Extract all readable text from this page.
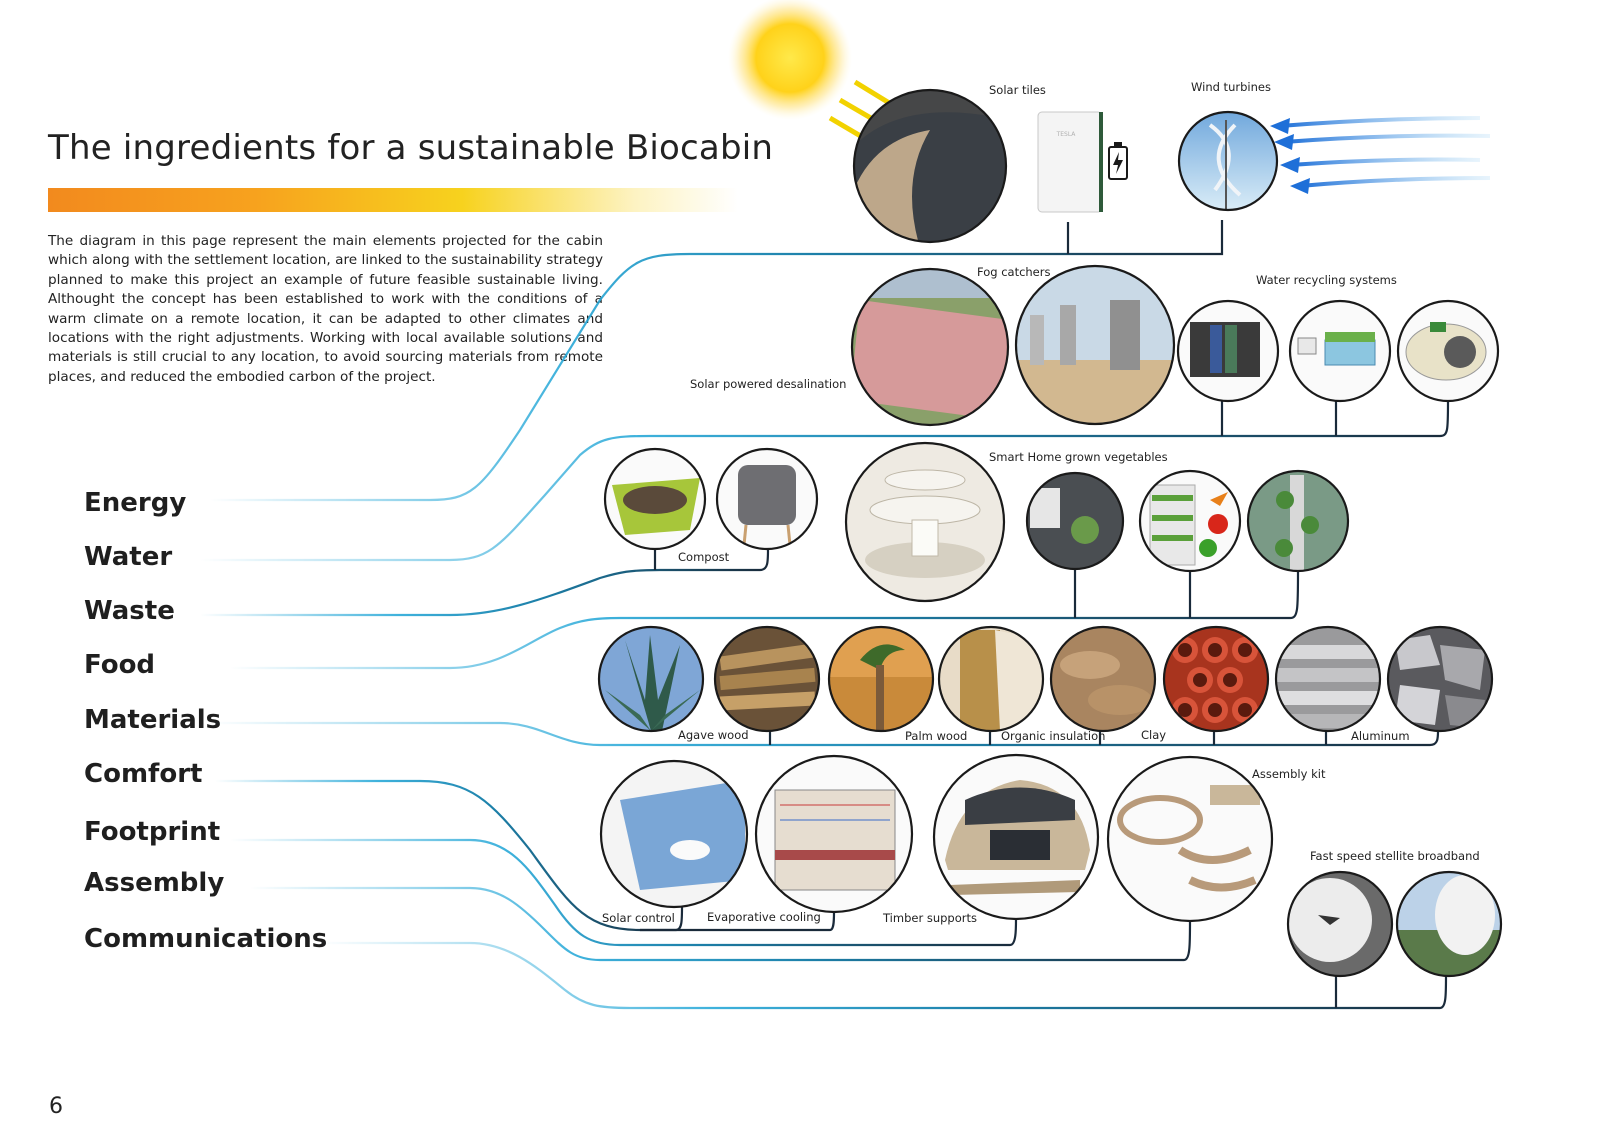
The ingredients for a sustainable Biocabin
The diagram in this page represent the main elements projected for the cabin which along with the settlement location, are linked to the sustainability strategy planned to make this project an example of future feasible sustainable living. Althought the concept has been established to work with the conditions of a warm climate on a remote location, it can be adapted to other climates and locations with the right adjustments. Working with local available solutions and materials is still crucial to any location, to avoid sourcing materials from remote places, and reduced the embodied carbon of the project.
Energy
Water
Waste
Food
Materials
Comfort
Footprint
Assembly
Communications
TESLA
Solar tiles	Wind turbines
Fog catchers
Water recycling systems
Solar powered desalination
Smart Home grown vegetables
Compost
Agave wood	Palm wood	Organic insulation	Clay	Aluminum
Assembly kit
Fast speed stellite broadband
Solar control	Evaporative cooling	Timber supports
6
